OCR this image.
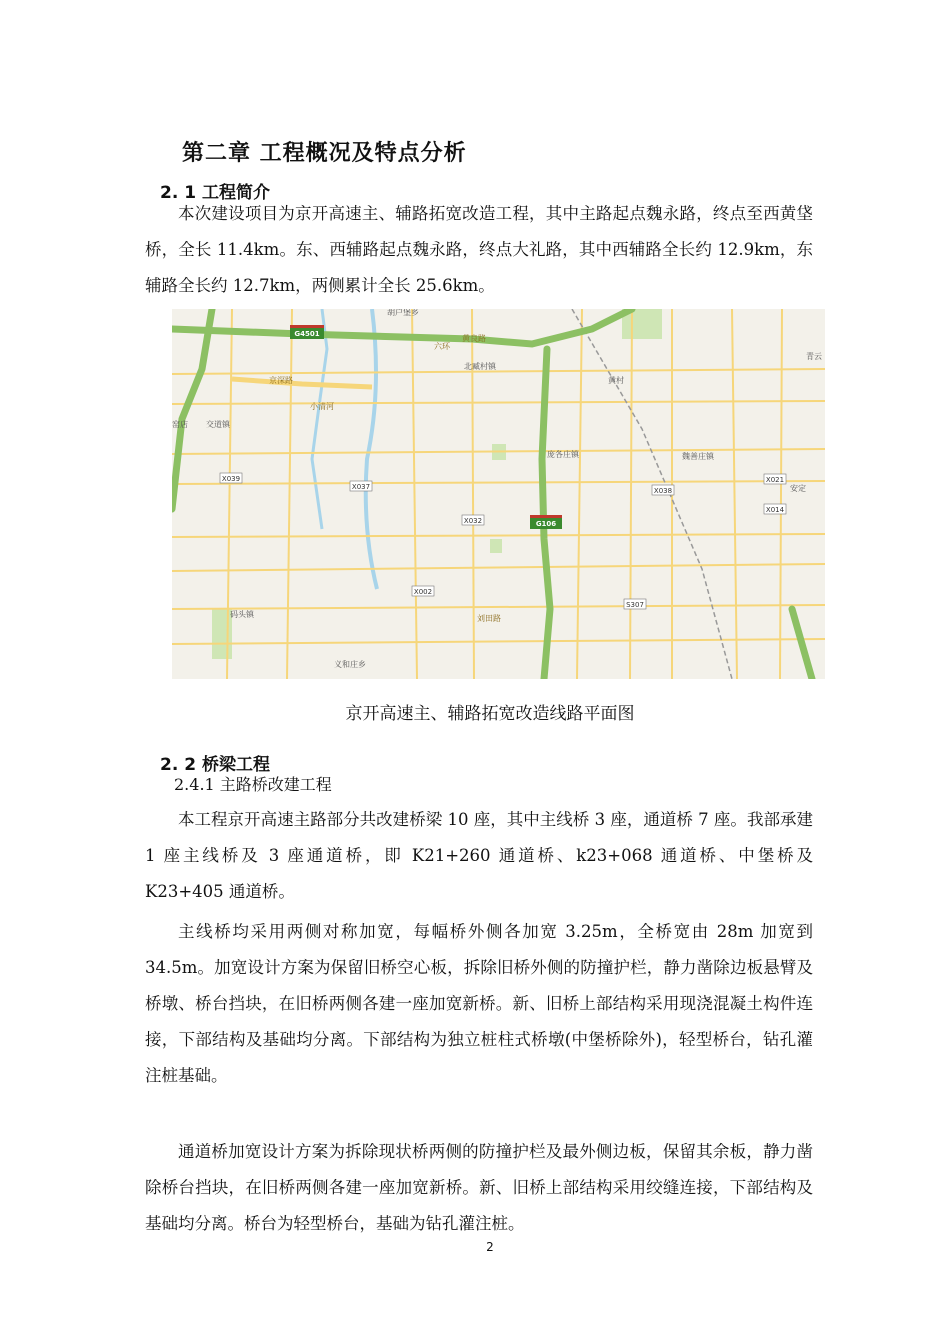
第二章 工程概况及特点分析
2. 1 工程简介

本次建设项目为京开高速主、辅路拓宽改造工程，其中主路起点魏永路，终点至西黄垡桥，全长 11.4km。东、西辅路起点魏永路，终点大礼路，其中西辅路全长约 12.9km，东辅路全长约 12.7km，两侧累计全长 25.6km。

G4501
G106
X039
X037
X032
X038
X021
X014
X002
S307
胡户堡乡
北臧村镇
黄村
交道镇
庞各庄镇	魏善庄镇
安定
码头镇
义和庄乡
青云
窑店
黄良路
六环
京深路
小清河
刘田路
京开高速主、辅路拓宽改造线路平面图
2. 2 桥梁工程
2.4.1 主路桥改建工程

本工程京开高速主路部分共改建桥梁 10 座，其中主线桥 3 座，通道桥 7 座。我部承建 1 座主线桥及 3 座通道桥，即 K21+260 通道桥、k23+068 通道桥、中堡桥及 K23+405 通道桥。

主线桥均采用两侧对称加宽，每幅桥外侧各加宽 3.25m，全桥宽由 28m 加宽到 34.5m。加宽设计方案为保留旧桥空心板，拆除旧桥外侧的防撞护栏，静力凿除边板悬臂及桥墩、桥台挡块，在旧桥两侧各建一座加宽新桥。新、旧桥上部结构采用现浇混凝土构件连接，下部结构及基础均分离。下部结构为独立桩柱式桥墩(中堡桥除外)，轻型桥台，钻孔灌注桩基础。

通道桥加宽设计方案为拆除现状桥两侧的防撞护栏及最外侧边板，保留其余板，静力凿除桥台挡块，在旧桥两侧各建一座加宽新桥。新、旧桥上部结构采用绞缝连接，下部结构及基础均分离。桥台为轻型桥台，基础为钻孔灌注桩。

2
